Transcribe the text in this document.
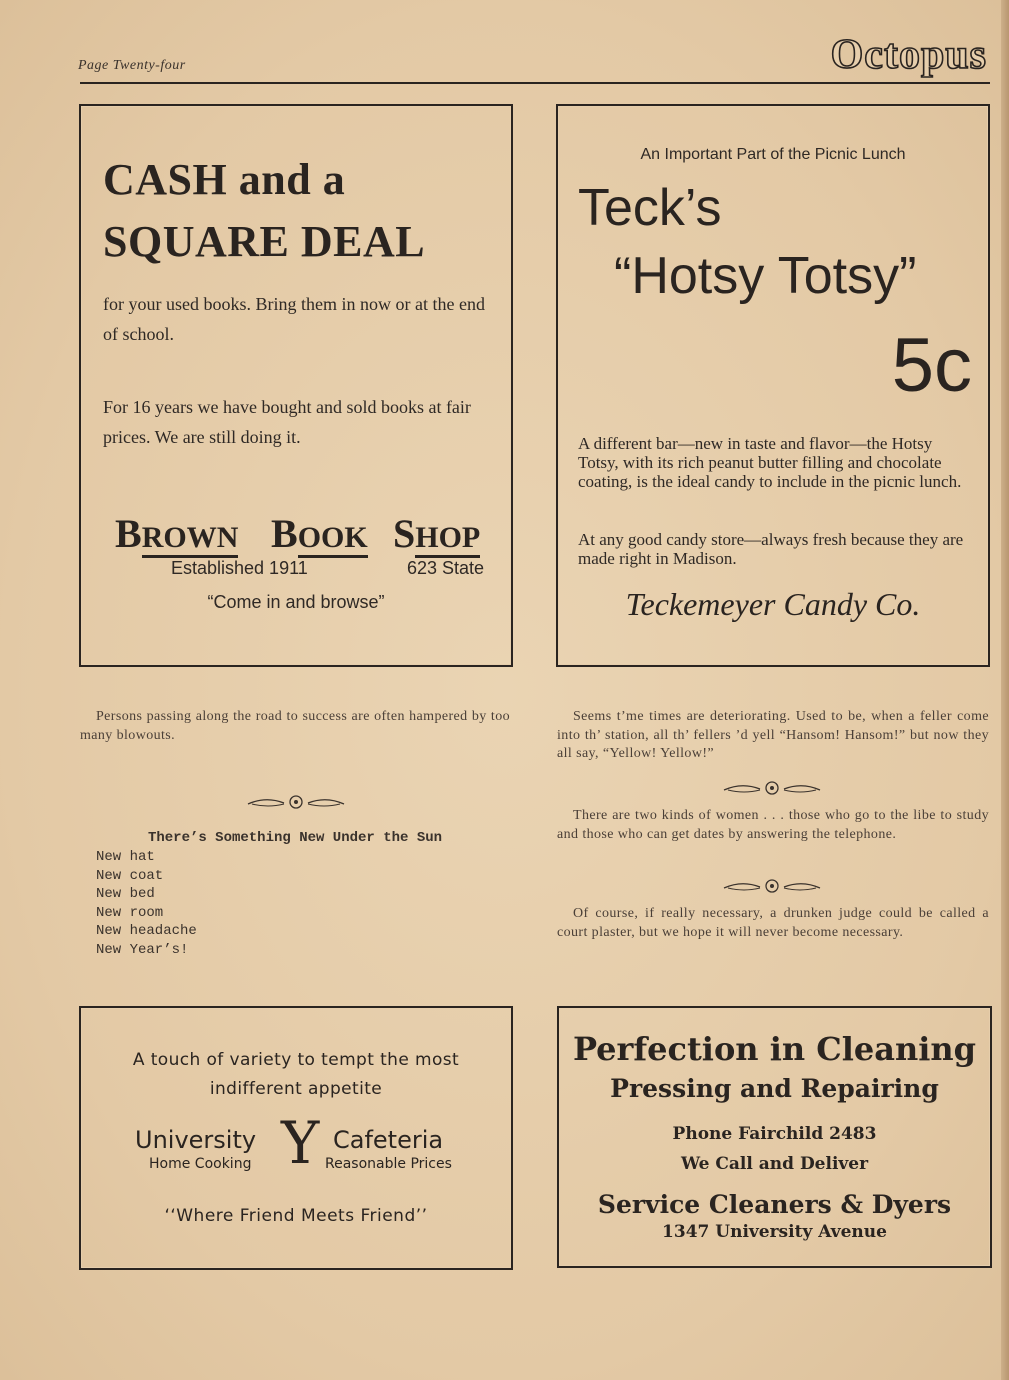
Page Twenty-four	Octopus
CASH and a
SQUARE DEAL
for your used books. Bring them in now or at the end of school.
For 16 years we have bought and sold books at fair prices. We are still doing it.
BROWN BOOK SHOP
Established 1911	623 State
“Come in and browse”
An Important Part of the Picnic Lunch
Teck’s
“Hotsy Totsy”
5c
A different bar—new in taste and flavor—the Hotsy Totsy, with its rich peanut butter filling and chocolate coating, is the ideal candy to include in the picnic lunch.
At any good candy store—always fresh because they are made right in Madison.
Teckemeyer Candy Co.
Persons passing along the road to success are often hampered by too many blowouts.
There’s Something New Under the Sun
New hat
New coat
New bed
New room
New headache
New Year’s!
Seems t’me times are deteriorating. Used to be, when a feller come into th’ station, all th’ fellers ’d yell “Hansom! Hansom!” but now they all say, “Yellow! Yellow!”
There are two kinds of women . . . those who go to the libe to study and those who can get dates by answering the telephone.
Of course, if really necessary, a drunken judge could be called a court plaster, but we hope it will never become necessary.
A touch of variety to tempt the most
indifferent appetite
University Y Cafeteria
Home Cooking	Reasonable Prices
‘‘Where Friend Meets Friend’’
Perfection in Cleaning
Pressing and Repairing
Phone Fairchild 2483
We Call and Deliver
Service Cleaners & Dyers
1347 University Avenue
